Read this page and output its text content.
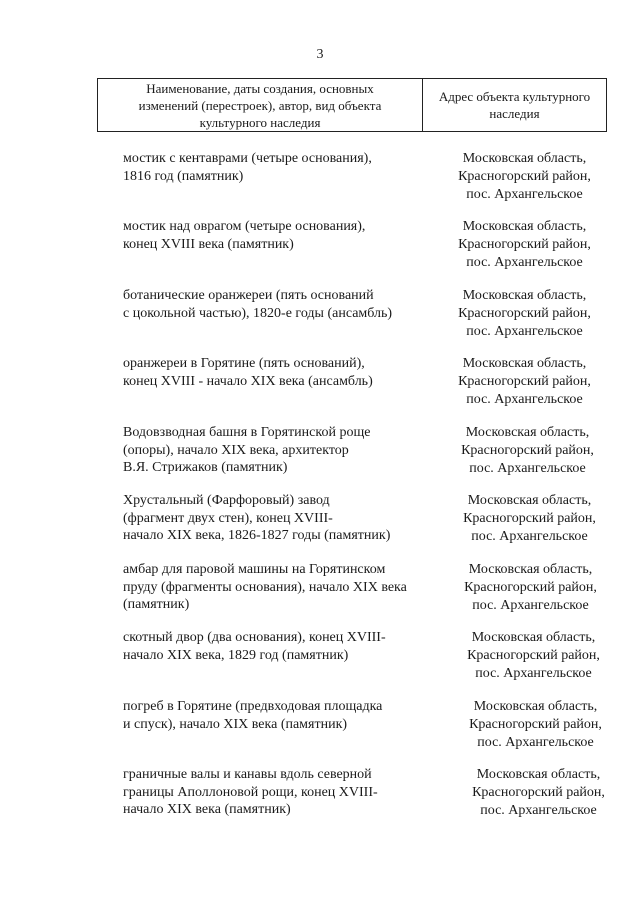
3
Наименование, даты создания, основных
изменений (перестроек), автор, вид объекта
культурного наследия
Адрес объекта культурного
наследия
мостик с кентаврами (четыре основания),
1816 год (памятник)
Московская область,
Красногорский район,
пос. Архангельское
мостик над оврагом (четыре основания),
конец XVIII века (памятник)
Московская область,
Красногорский район,
пос. Архангельское
ботанические оранжереи (пять оснований
с цокольной частью), 1820-е годы (ансамбль)
Московская область,
Красногорский район,
пос. Архангельское
оранжереи в Горятине (пять оснований),
конец XVIII - начало XIX века (ансамбль)
Московская область,
Красногорский район,
пос. Архангельское
Водовзводная башня в Горятинской роще
(опоры), начало XIX века, архитектор
В.Я. Стрижаков (памятник)
Московская область,
Красногорский район,
пос. Архангельское
Хрустальный (Фарфоровый) завод
(фрагмент двух стен), конец XVIII-
начало XIX века, 1826-1827 годы (памятник)
Московская область,
Красногорский район,
пос. Архангельское
амбар для паровой машины на Горятинском
пруду (фрагменты основания), начало XIX века
(памятник)
Московская область,
Красногорский район,
пос. Архангельское
скотный двор (два основания), конец XVIII-
начало XIX века, 1829 год (памятник)
Московская область,
Красногорский район,
пос. Архангельское
погреб в Горятине (предвходовая площадка
и спуск), начало XIX века (памятник)
Московская область,
Красногорский район,
пос. Архангельское
граничные валы и канавы вдоль северной
границы Аполлоновой рощи, конец XVIII-
начало XIX века (памятник)
Московская область,
Красногорский район,
пос. Архангельское
